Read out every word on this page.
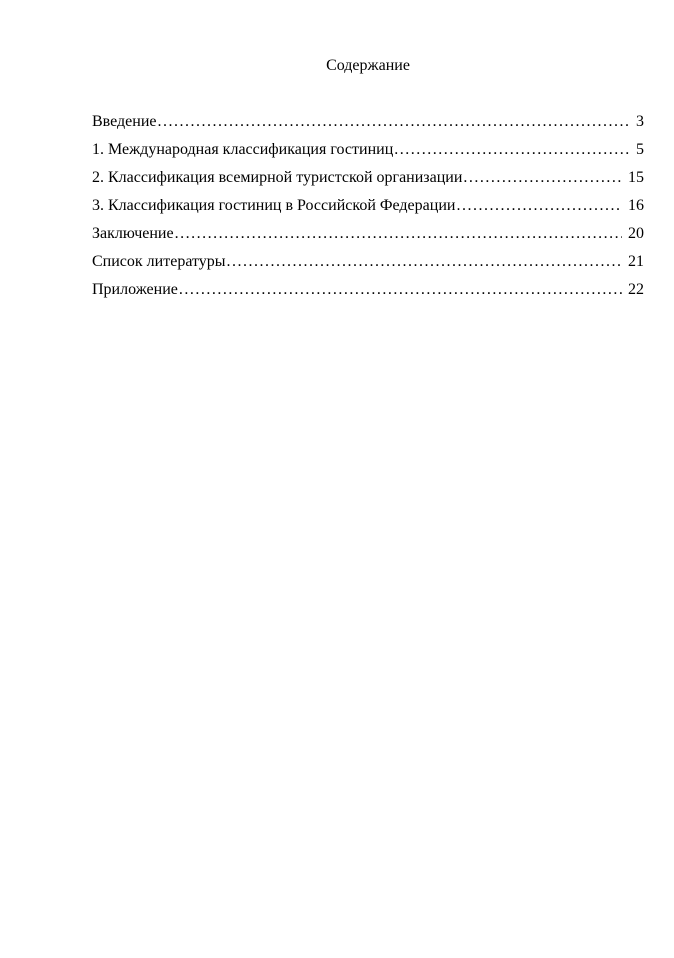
Содержание
Введение .....	3
1. Международная классификация гостиниц .....	5
2. Классификация всемирной туристской организации .....	15
3. Классификация гостиниц в Российской Федерации .....	16
Заключение .....	20
Список литературы .....	21
Приложение .....	22
